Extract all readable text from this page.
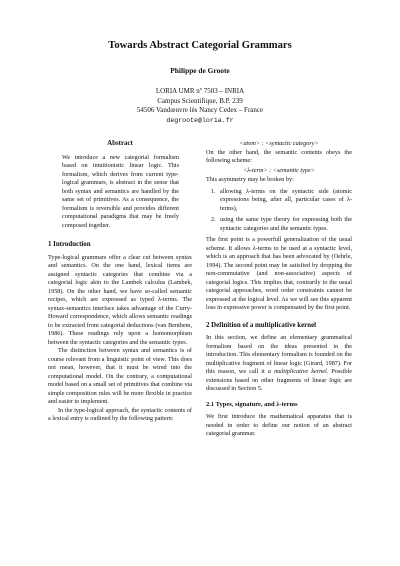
Towards Abstract Categorial Grammars
Philippe de Groote
LORIA UMR nº 7503 – INRIA
Campus Scientifique, B.P. 239
54506 Vandœuvre lès Nancy Cedex – France
degroote@loria.fr
Abstract

We introduce a new categorial formalism based on intuitionistic linear logic. This formalism, which derives from current type-logical grammars, is abstract in the sense that both syntax and semantics are handled by the same set of primitives. As a consequence, the formalism is reversible and provides different computational paradigms that may be freely composed together.

1 Introduction

Type-logical grammars offer a clear cut between syntax and semantics. On the one hand, lexical items are assigned syntactic categories that combine via a categorial logic akin to the Lambek calculus (Lambek, 1958). On the other hand, we have so-called semantic recipes, which are expressed as typed λ-terms. The syntax-semantics interface takes advantage of the Curry-Howard correspondence, which allows semantic readings to be extracted from categorial deductions (van Benthem, 1986). These readings rely upon a homomorphism between the syntactic categories and the semantic types.

The distinction between syntax and semantics is of course relevant from a linguistic point of view. This does not mean, however, that it must be wired into the computational model. On the contrary, a computational model based on a small set of primitives that combine via simple composition rules will be more flexible in practice and easier to implement.

In the type-logical approach, the syntactic contents of a lexical entry is outlined by the following pattern:

<atom> : <syntactic category>

On the other hand, the semantic contents obeys the following scheme:

<λ-term> : <semantic type>

This asymmetry may be broken by:

1. allowing λ-terms on the syntactic side (atomic expressions being, after all, particular cases of λ-terms),
2. using the same type theory for expressing both the syntactic categories and the semantic types.

The first point is a powerfull generalization of the usual scheme. It allows λ-terms to be used at a syntactic level, which is an approach that has been advocated by (Oehrle, 1994). The second point may be satisfied by dropping the non-commutative (and non-associative) aspects of categorial logics. This implies that, contrarily to the usual categorial approaches, word order constraints cannot be expressed at the logical level. As we will see this apparent loss in expressive power is compensated by the first point.

2 Definition of a multiplicative kernel

In this section, we define an elementary grammatical formalism based on the ideas presented in the introduction. This elementary formalism is founded on the multiplicative fragment of linear logic (Girard, 1987). For this reason, we call it a multiplicative kernel. Possible extensions based on other fragments of linear logic are discussed in Section 5.

2.1 Types, signature, and λ-terms

We first introduce the mathematical apparatus that is needed in order to define our notion of an abstract categorial grammar.
